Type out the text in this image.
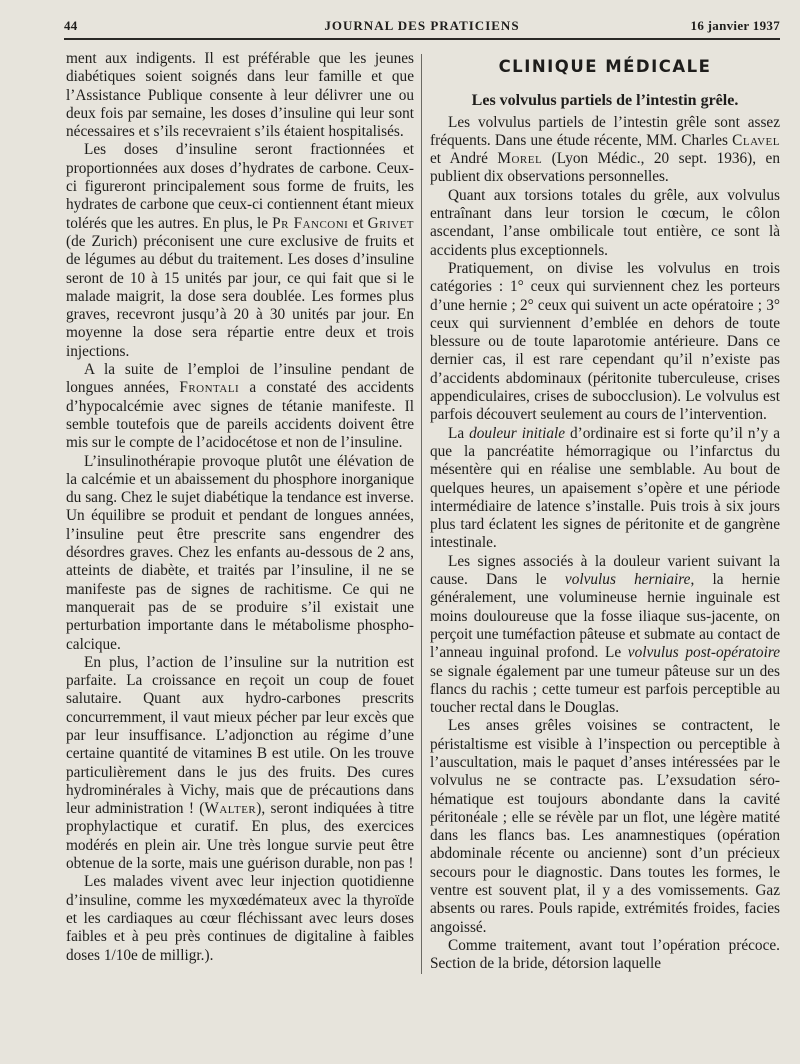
44	JOURNAL DES PRATICIENS	16 janvier 1937

ment aux indigents. Il est préférable que les jeunes diabétiques soient soignés dans leur famille et que l’Assistance Publique consente à leur délivrer une ou deux fois par semaine, les doses d’insuline qui leur sont nécessaires et s’ils recevraient s’ils étaient hospitalisés.

Les doses d’insuline seront fractionnées et proportionnées aux doses d’hydrates de carbone. Ceux-ci figureront principalement sous forme de fruits, les hydrates de carbone que ceux-ci contiennent étant mieux tolérés que les autres. En plus, le Pr Fanconi et Grivet (de Zurich) préconisent une cure exclusive de fruits et de légumes au début du traitement. Les doses d’insuline seront de 10 à 15 unités par jour, ce qui fait que si le malade maigrit, la dose sera doublée. Les formes plus graves, recevront jusqu’à 20 à 30 unités par jour. En moyenne la dose sera répartie entre deux et trois injections.

A la suite de l’emploi de l’insuline pendant de longues années, Frontali a constaté des accidents d’hypocalcémie avec signes de tétanie manifeste. Il semble toutefois que de pareils accidents doivent être mis sur le compte de l’acidocétose et non de l’insuline.

L’insulinothérapie provoque plutôt une élévation de la calcémie et un abaissement du phosphore inorganique du sang. Chez le sujet diabétique la tendance est inverse. Un équilibre se produit et pendant de longues années, l’insuline peut être prescrite sans engendrer des désordres graves. Chez les enfants au-dessous de 2 ans, atteints de diabète, et traités par l’insuline, il ne se manifeste pas de signes de rachitisme. Ce qui ne manquerait pas de se produire s’il existait une perturbation importante dans le métabolisme phospho-calcique.

En plus, l’action de l’insuline sur la nutrition est parfaite. La croissance en reçoit un coup de fouet salutaire. Quant aux hydro-carbones prescrits concurremment, il vaut mieux pécher par leur excès que par leur insuffisance. L’adjonction au régime d’une certaine quantité de vitamines B est utile. On les trouve particulièrement dans le jus des fruits. Des cures hydrominérales à Vichy, mais que de précautions dans leur administration ! (Walter), seront indiquées à titre prophylactique et curatif. En plus, des exercices modérés en plein air. Une très longue survie peut être obtenue de la sorte, mais une guérison durable, non pas !

Les malades vivent avec leur injection quotidienne d’insuline, comme les myxœdémateux avec la thyroïde et les cardiaques au cœur fléchissant avec leurs doses faibles et à peu près continues de digitaline à faibles doses 1/10e de milligr.).

CLINIQUE MÉDICALE
Les volvulus partiels de l’intestin grêle.

Les volvulus partiels de l’intestin grêle sont assez fréquents. Dans une étude récente, MM. Charles Clavel et André Morel (Lyon Médic., 20 sept. 1936), en publient dix observations personnelles.

Quant aux torsions totales du grêle, aux volvulus entraînant dans leur torsion le cœcum, le côlon ascendant, l’anse ombilicale tout entière, ce sont là accidents plus exceptionnels.

Pratiquement, on divise les volvulus en trois catégories : 1° ceux qui surviennent chez les porteurs d’une hernie ; 2° ceux qui suivent un acte opératoire ; 3° ceux qui surviennent d’emblée en dehors de toute blessure ou de toute laparotomie antérieure. Dans ce dernier cas, il est rare cependant qu’il n’existe pas d’accidents abdominaux (péritonite tuberculeuse, crises appendiculaires, crises de subocclusion). Le volvulus est parfois découvert seulement au cours de l’intervention.

La douleur initiale d’ordinaire est si forte qu’il n’y a que la pancréatite hémorragique ou l’infarctus du mésentère qui en réalise une semblable. Au bout de quelques heures, un apaisement s’opère et une période intermédiaire de latence s’installe. Puis trois à six jours plus tard éclatent les signes de péritonite et de gangrène intestinale.

Les signes associés à la douleur varient suivant la cause. Dans le volvulus herniaire, la hernie généralement, une volumineuse hernie inguinale est moins douloureuse que la fosse iliaque sus-jacente, on perçoit une tuméfaction pâteuse et submate au contact de l’anneau inguinal profond. Le volvulus post-opératoire se signale également par une tumeur pâteuse sur un des flancs du rachis ; cette tumeur est parfois perceptible au toucher rectal dans le Douglas.

Les anses grêles voisines se contractent, le péristaltisme est visible à l’inspection ou perceptible à l’auscultation, mais le paquet d’anses intéressées par le volvulus ne se contracte pas. L’exsudation séro-hématique est toujours abondante dans la cavité péritonéale ; elle se révèle par un flot, une légère matité dans les flancs bas. Les anamnestiques (opération abdominale récente ou ancienne) sont d’un précieux secours pour le diagnostic. Dans toutes les formes, le ventre est souvent plat, il y a des vomissements. Gaz absents ou rares. Pouls rapide, extrémités froides, facies angoissé.

Comme traitement, avant tout l’opération précoce. Section de la bride, détorsion laquelle
